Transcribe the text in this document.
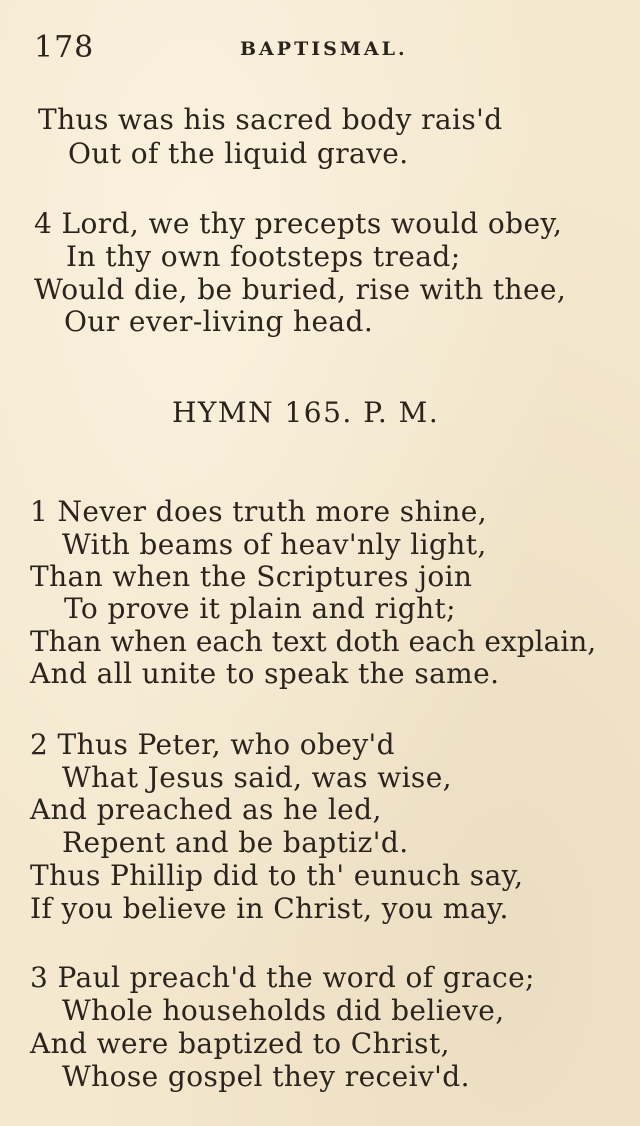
178	BAPTISMAL.
Thus was his sacred body rais'd
Out of the liquid grave.
4 Lord, we thy precepts would obey,
In thy own footsteps tread;
Would die, be buried, rise with thee,
Our ever-living head.
HYMN 165. P. M.
1 Never does truth more shine,
With beams of heav'nly light,
Than when the Scriptures join
To prove it plain and right;
Than when each text doth each explain,
And all unite to speak the same.
2 Thus Peter, who obey'd
What Jesus said, was wise,
And preached as he led,
Repent and be baptiz'd.
Thus Phillip did to th' eunuch say,
If you believe in Christ, you may.
3 Paul preach'd the word of grace;
Whole households did believe,
And were baptized to Christ,
Whose gospel they receiv'd.
